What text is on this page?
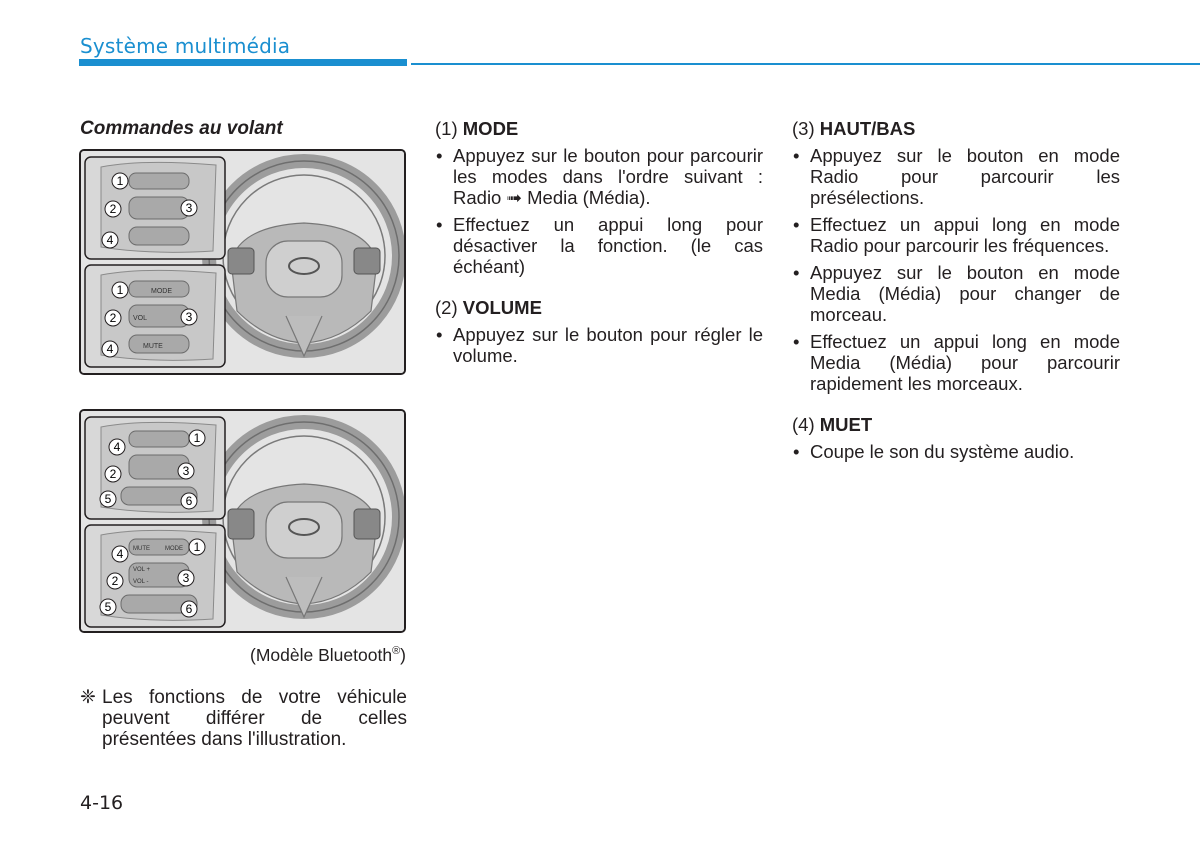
Système multimédia
Commandes au volant
MODE
VOL
MUTE
1
2	3
4
1
2	3
4
MUTE	MODE
VOL +
VOL -
4
1
2	3
5	6
4	1
2	3
5	6
(Modèle Bluetooth®)
❈ Les fonctions de votre véhicule peuvent différer de celles présentées dans l'illustration.
(1) MODE
• Appuyez sur le bouton pour parcourir les modes dans l'ordre suivant : Radio ➟ Media (Média).
• Effectuez un appui long pour désactiver la fonction. (le cas échéant)
(2) VOLUME
• Appuyez sur le bouton pour régler le volume.
(3) HAUT/BAS
• Appuyez sur le bouton en mode Radio pour parcourir les présélections.
• Effectuez un appui long en mode Radio pour parcourir les fréquences.
• Appuyez sur le bouton en mode Media (Média) pour changer de morceau.
• Effectuez un appui long en mode Media (Média) pour parcourir rapidement les morceaux.
(4) MUET
• Coupe le son du système audio.
4-16
